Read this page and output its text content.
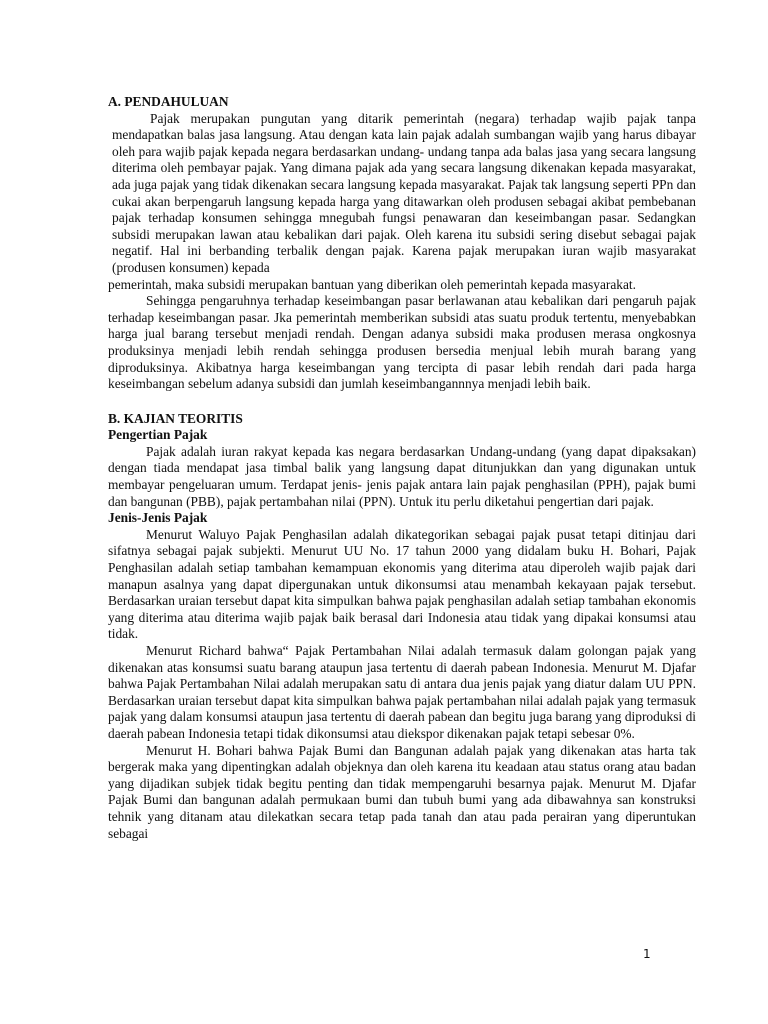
A. PENDAHULUAN

Pajak merupakan pungutan yang ditarik pemerintah (negara) terhadap wajib pajak tanpa mendapatkan balas jasa langsung. Atau dengan kata lain pajak adalah sumbangan wajib yang harus dibayar oleh para wajib pajak kepada negara berdasarkan undang- undang tanpa ada balas jasa yang secara langsung diterima oleh pembayar pajak. Yang dimana pajak ada yang secara langsung dikenakan kepada masyarakat, ada juga pajak yang tidak dikenakan secara langsung kepada masyarakat. Pajak tak langsung seperti PPn dan cukai akan berpengaruh langsung kepada harga yang ditawarkan oleh produsen sebagai akibat pembebanan pajak terhadap konsumen sehingga mnegubah fungsi penawaran dan keseimbangan pasar. Sedangkan subsidi merupakan lawan atau kebalikan dari pajak. Oleh karena itu subsidi sering disebut sebagai pajak negatif. Hal ini berbanding terbalik dengan pajak. Karena pajak merupakan iuran wajib masyarakat (produsen konsumen) kepada

pemerintah, maka subsidi merupakan bantuan yang diberikan oleh pemerintah kepada masyarakat.

Sehingga pengaruhnya terhadap keseimbangan pasar berlawanan atau kebalikan dari pengaruh pajak terhadap keseimbangan pasar. Jka pemerintah memberikan subsidi atas suatu produk tertentu, menyebabkan harga jual barang tersebut menjadi rendah. Dengan adanya subsidi maka produsen merasa ongkosnya produksinya menjadi lebih rendah sehingga produsen bersedia menjual lebih murah barang yang diproduksinya. Akibatnya harga keseimbangan yang tercipta di pasar lebih rendah dari pada harga keseimbangan sebelum adanya subsidi dan jumlah keseimbangannnya menjadi lebih baik.

B. KAJIAN TEORITIS

Pengertian Pajak

Pajak adalah iuran rakyat kepada kas negara berdasarkan Undang-undang (yang dapat dipaksakan) dengan tiada mendapat jasa timbal balik yang langsung dapat ditunjukkan dan yang digunakan untuk membayar pengeluaran umum. Terdapat jenis- jenis pajak antara lain pajak penghasilan (PPH), pajak bumi dan bangunan (PBB), pajak pertambahan nilai (PPN). Untuk itu perlu diketahui pengertian dari pajak.

Jenis-Jenis Pajak

Menurut Waluyo Pajak Penghasilan adalah dikategorikan sebagai pajak pusat tetapi ditinjau dari sifatnya sebagai pajak subjekti. Menurut UU No. 17 tahun 2000 yang didalam buku H. Bohari, Pajak Penghasilan adalah setiap tambahan kemampuan ekonomis yang diterima atau diperoleh wajib pajak dari manapun asalnya yang dapat dipergunakan untuk dikonsumsi atau menambah kekayaan pajak tersebut. Berdasarkan uraian tersebut dapat kita simpulkan bahwa pajak penghasilan adalah setiap tambahan ekonomis yang diterima atau diterima wajib pajak baik berasal dari Indonesia atau tidak yang dipakai konsumsi atau tidak.

Menurut Richard bahwa“ Pajak Pertambahan Nilai adalah termasuk dalam golongan pajak yang dikenakan atas konsumsi suatu barang ataupun jasa tertentu di daerah pabean Indonesia. Menurut M. Djafar bahwa Pajak Pertambahan Nilai adalah merupakan satu di antara dua jenis pajak yang diatur dalam UU PPN. Berdasarkan uraian tersebut dapat kita simpulkan bahwa pajak pertambahan nilai adalah pajak yang termasuk pajak yang dalam konsumsi ataupun jasa tertentu di daerah pabean dan begitu juga barang yang diproduksi di daerah pabean Indonesia tetapi tidak dikonsumsi atau diekspor dikenakan pajak tetapi sebesar 0%.

Menurut H. Bohari bahwa Pajak Bumi dan Bangunan adalah pajak yang dikenakan atas harta tak bergerak maka yang dipentingkan adalah objeknya dan oleh karena itu keadaan atau status orang atau badan yang dijadikan subjek tidak begitu penting dan tidak mempengaruhi besarnya pajak. Menurut M. Djafar Pajak Bumi dan bangunan adalah permukaan bumi dan tubuh bumi yang ada dibawahnya san konstruksi tehnik yang ditanam atau dilekatkan secara tetap pada tanah dan atau pada perairan yang diperuntukan sebagai

1
